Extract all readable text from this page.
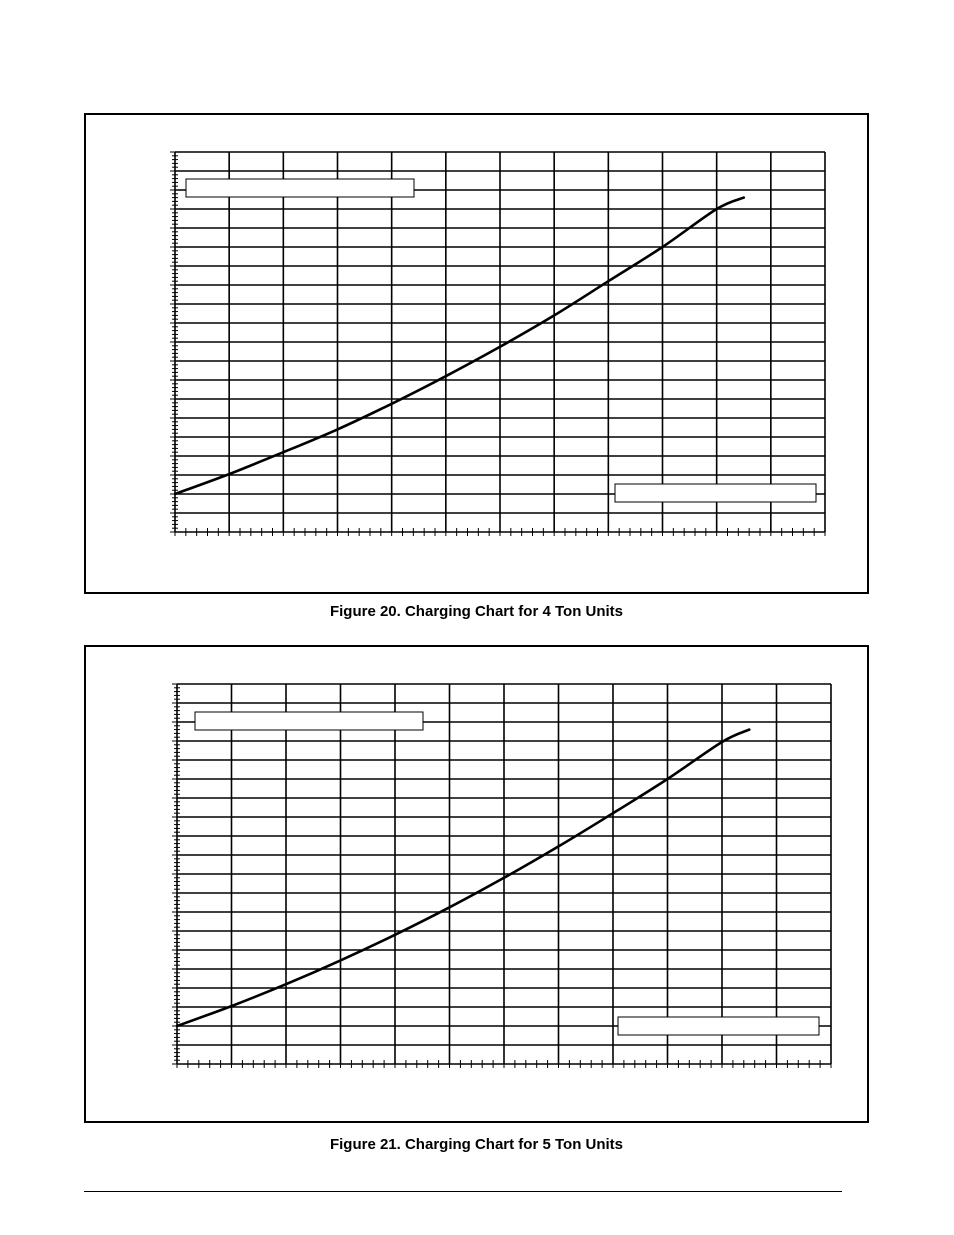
Figure 20. Charging Chart for 4 Ton Units
Figure 21. Charging Chart for 5 Ton Units
